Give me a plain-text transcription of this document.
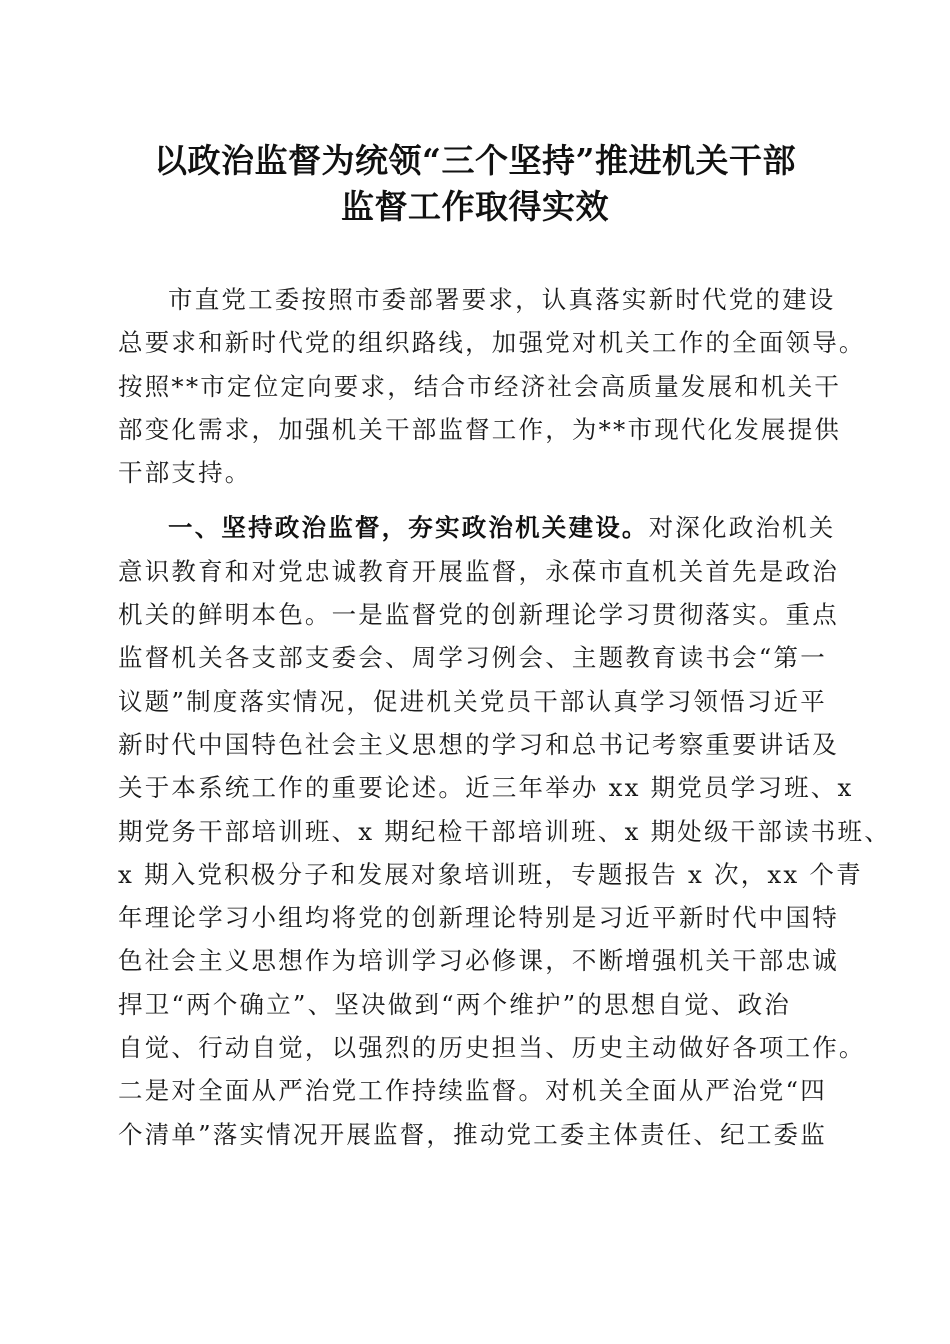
以政治监督为统领“三个坚持”推进机关干部
监督工作取得实效
市直党工委按照市委部署要求，认真落实新时代党的建设
总要求和新时代党的组织路线，加强党对机关工作的全面领导。
按照**市定位定向要求，结合市经济社会高质量发展和机关干
部变化需求，加强机关干部监督工作，为**市现代化发展提供
干部支持。
一、坚持政治监督，夯实政治机关建设。对深化政治机关
意识教育和对党忠诚教育开展监督，永葆市直机关首先是政治
机关的鲜明本色。一是监督党的创新理论学习贯彻落实。重点
监督机关各支部支委会、周学习例会、主题教育读书会“第一
议题”制度落实情况，促进机关党员干部认真学习领悟习近平
新时代中国特色社会主义思想的学习和总书记考察重要讲话及
关于本系统工作的重要论述。近三年举办 xx 期党员学习班、x
期党务干部培训班、x 期纪检干部培训班、x 期处级干部读书班、
x 期入党积极分子和发展对象培训班，专题报告 x 次，xx 个青
年理论学习小组均将党的创新理论特别是习近平新时代中国特
色社会主义思想作为培训学习必修课，不断增强机关干部忠诚
捍卫“两个确立”、坚决做到“两个维护”的思想自觉、政治
自觉、行动自觉，以强烈的历史担当、历史主动做好各项工作。
二是对全面从严治党工作持续监督。对机关全面从严治党“四
个清单”落实情况开展监督，推动党工委主体责任、纪工委监
